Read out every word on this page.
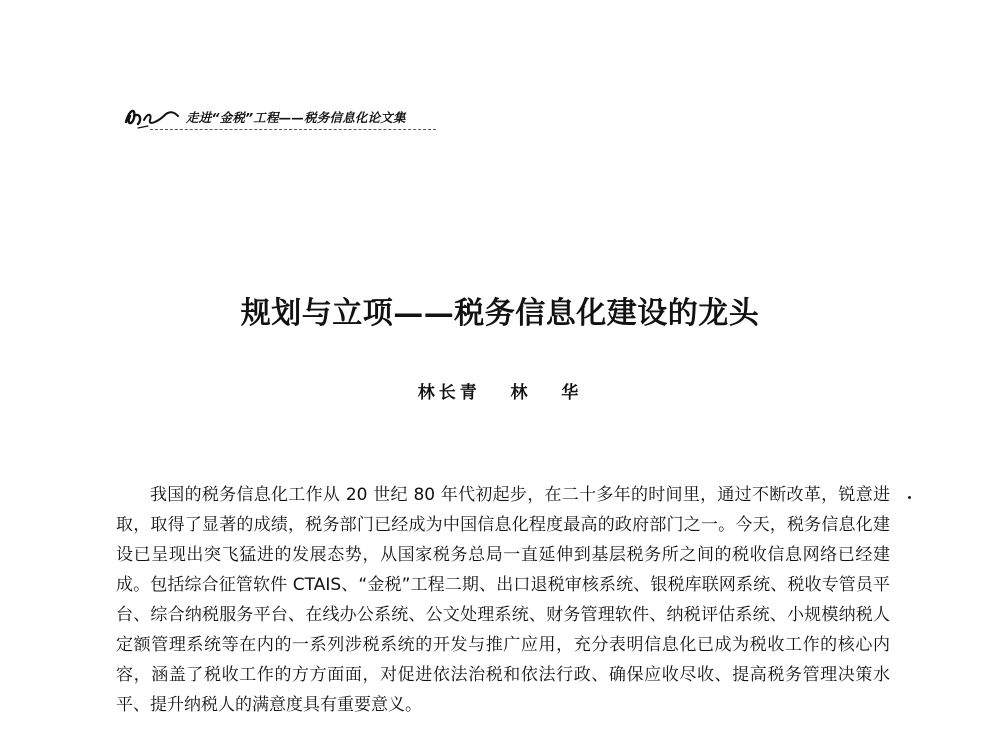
走进“金税”工程——税务信息化论文集
规划与立项——税务信息化建设的龙头
林长青   林   华

我国的税务信息化工作从 20 世纪 80 年代初起步，在二十多年的时间里，通过不断改革，锐意进取，取得了显著的成绩，税务部门已经成为中国信息化程度最高的政府部门之一。今天，税务信息化建设已呈现出突飞猛进的发展态势，从国家税务总局一直延伸到基层税务所之间的税收信息网络已经建成。包括综合征管软件 CTAIS、“金税”工程二期、出口退税审核系统、银税库联网系统、税收专管员平台、综合纳税服务平台、在线办公系统、公文处理系统、财务管理软件、纳税评估系统、小规模纳税人定额管理系统等在内的一系列涉税系统的开发与推广应用，充分表明信息化已成为税收工作的核心内容，涵盖了税收工作的方方面面，对促进依法治税和依法行政、确保应收尽收、提高税务管理决策水平、提升纳税人的满意度具有重要意义。
